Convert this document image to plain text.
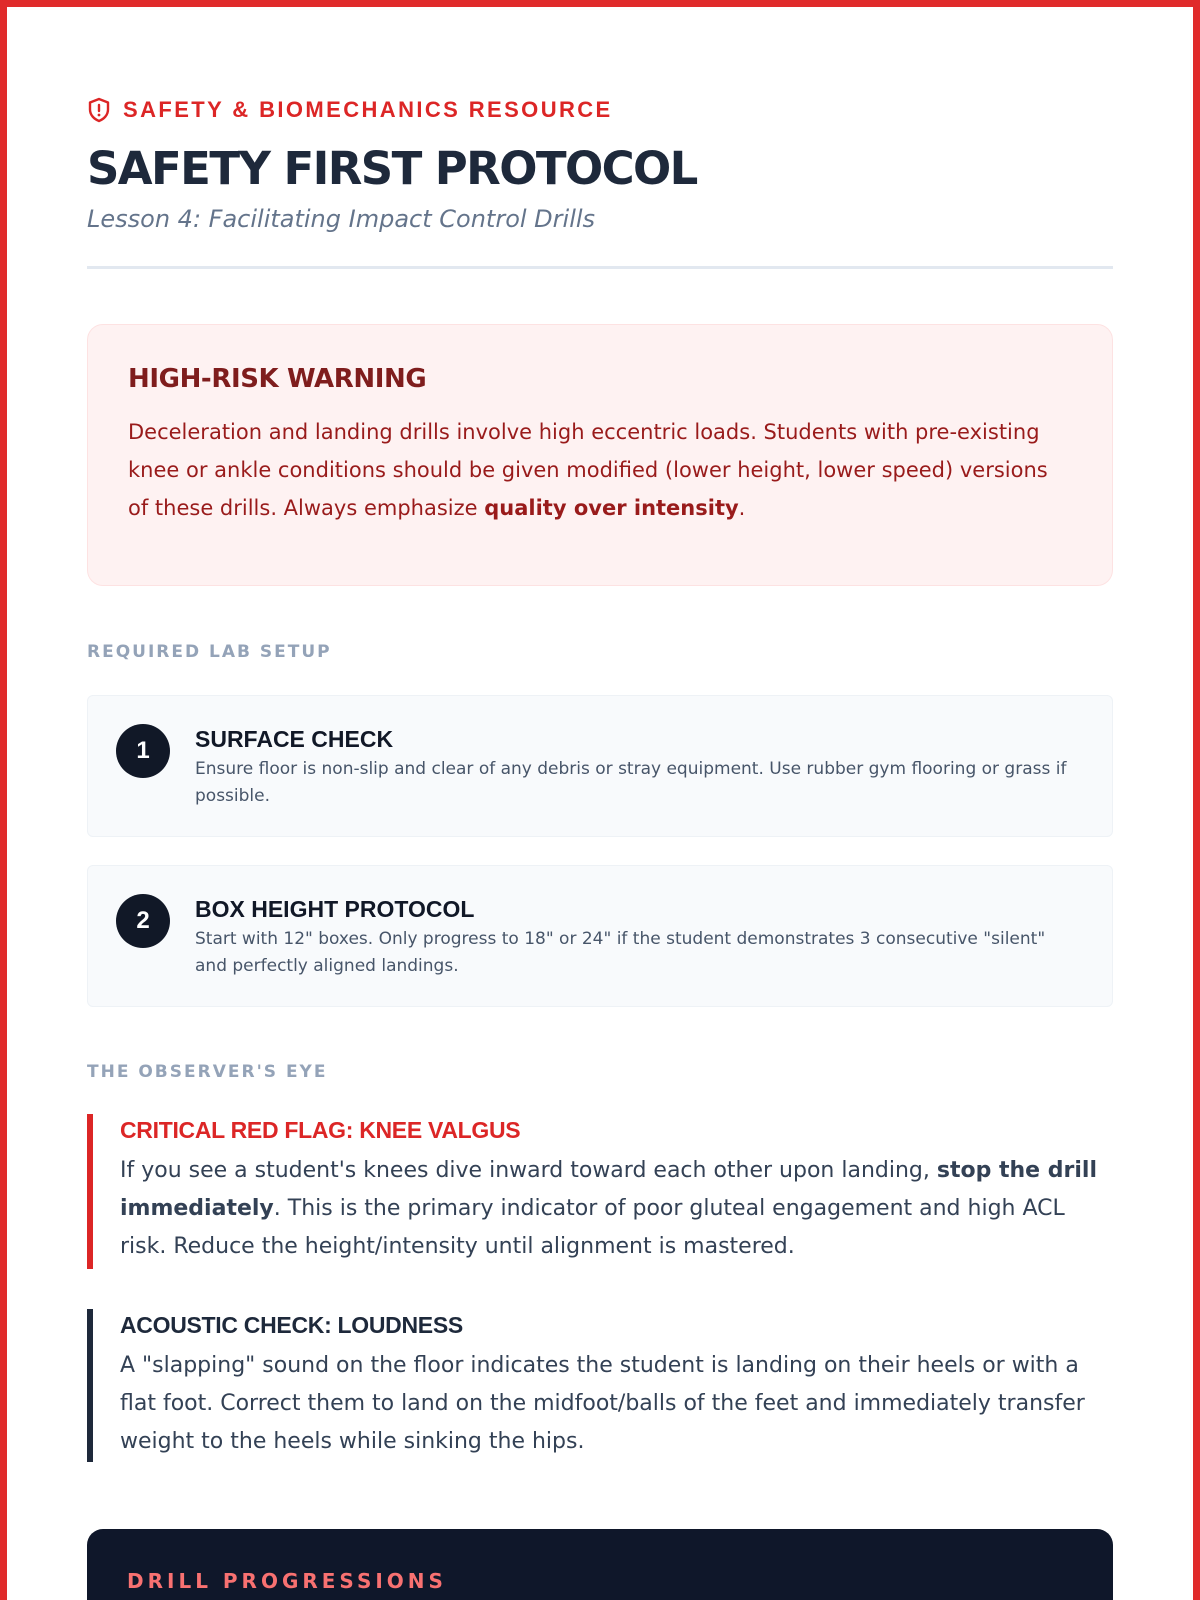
SAFETY & BIOMECHANICS RESOURCE
SAFETY FIRST PROTOCOL
Lesson 4: Facilitating Impact Control Drills
HIGH-RISK WARNING

Deceleration and landing drills involve high eccentric loads. Students with pre-existing knee or ankle conditions should be given modified (lower height, lower speed) versions of these drills. Always emphasize quality over intensity.

REQUIRED LAB SETUP
1	SURFACE CHECK
Ensure floor is non-slip and clear of any debris or stray equipment. Use rubber gym flooring or grass if possible.
2	BOX HEIGHT PROTOCOL
Start with 12" boxes. Only progress to 18" or 24" if the student demonstrates 3 consecutive "silent" and perfectly aligned landings.
THE OBSERVER'S EYE
CRITICAL RED FLAG: KNEE VALGUS

If you see a student's knees dive inward toward each other upon landing, stop the drill immediately. This is the primary indicator of poor gluteal engagement and high ACL risk. Reduce the height/intensity until alignment is mastered.

ACOUSTIC CHECK: LOUDNESS

A "slapping" sound on the floor indicates the student is landing on their heels or with a flat foot. Correct them to land on the midfoot/balls of the feet and immediately transfer weight to the heels while sinking the hips.

DRILL PROGRESSIONS
